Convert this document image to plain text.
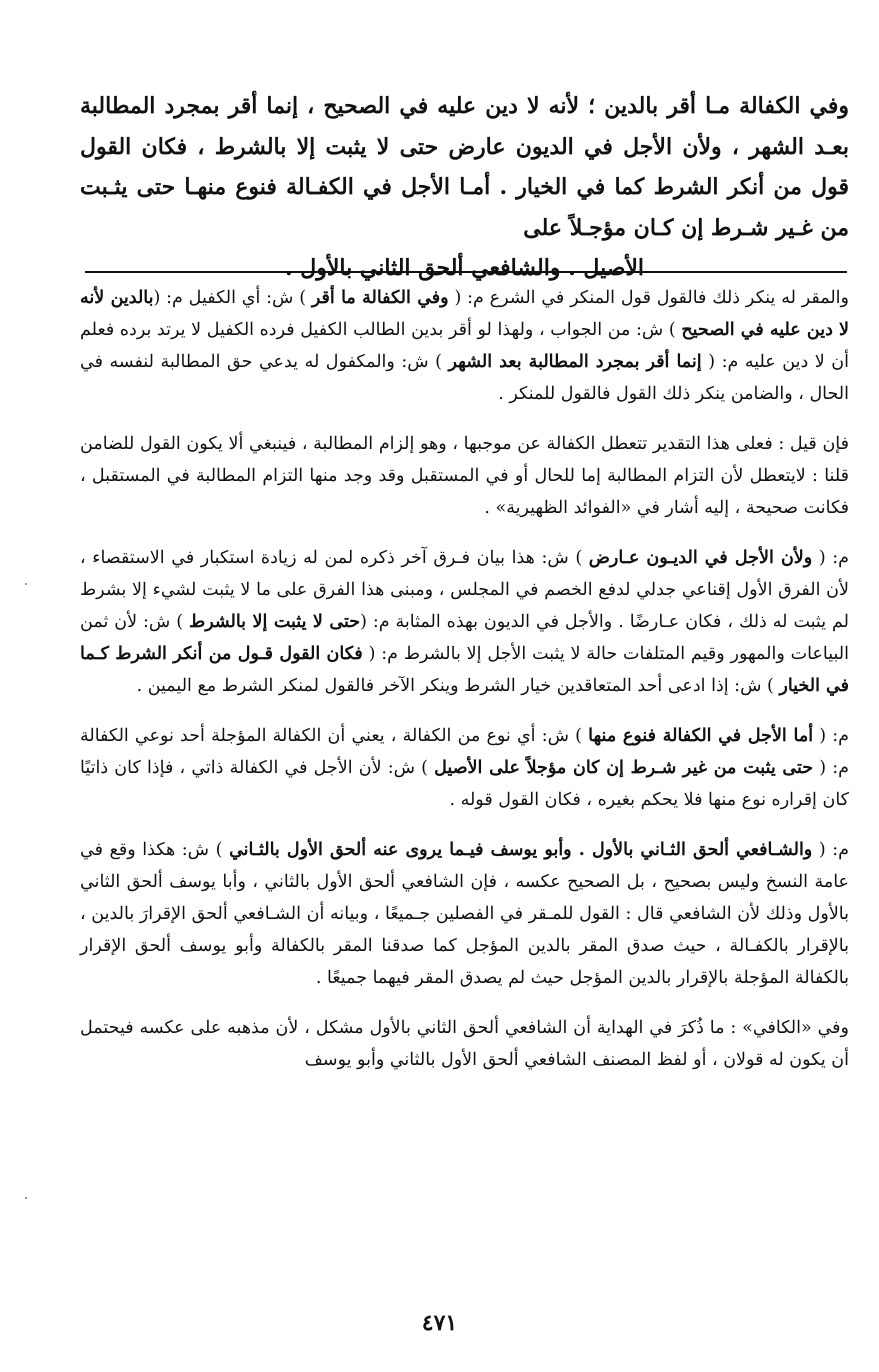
وفي الكفالة مـا أقر بالدين ؛ لأنه لا دين عليه في الصحيح ، إنما أقر بمجرد المطالبة بعـد الشهر ، ولأن الأجل في الديون عارض حتى لا يثبت إلا بالشرط ، فكان القول قول من أنكر الشرط كما في الخيار . أمـا الأجل في الكفـالة فنوع منهـا حتى يثـبت من غـير شـرط إن كـان مؤجـلاً على
الأصيل . والشافعي ألحق الثاني بالأول .

والمقر له ينكر ذلك فالقول قول المنكر في الشرع م: ( وفي الكفالة ما أقر ) ش: أي الكفيل م: (بالدين لأنه لا دين عليه في الصحيح ) ش: من الجواب ، ولهذا لو أقر بدين الطالب الكفيل فرده الكفيل لا يرتد برده فعلم أن لا دين عليه م: ( إنما أقر بمجرد المطالبة بعد الشهر ) ش: والمكفول له يدعي حق المطالبة لنفسه في الحال ، والضامن ينكر ذلك القول فالقول للمنكر .

فإن قيل : فعلى هذا التقدير تتعطل الكفالة عن موجبها ، وهو إلزام المطالبة ، فينبغي ألا يكون القول للضامن قلنا : لايتعطل لأن التزام المطالبة إما للحال أو في المستقبل وقد وجد منها التزام المطالبة في المستقبل ، فكانت صحيحة ، إليه أشار في «الفوائد الظهيرية» .

م: ( ولأن الأجل في الديـون عـارض ) ش: هذا بيان فـرق آخر ذكره لمن له زيادة استكبار في الاستقصاء ، لأن الفرق الأول إقناعي جدلي لدفع الخصم في المجلس ، ومبنى هذا الفرق على ما لا يثبت لشيء إلا بشرط لم يثبت له ذلك ، فكان عـارضًا . والأجل في الديون بهذه المثابة م: (حتى لا يثبت إلا بالشرط ) ش: لأن ثمن البياعات والمهور وقيم المتلفات حالة لا يثبت الأجل إلا بالشرط م: ( فكان القول قـول من أنكر الشرط كـما في الخيار ) ش: إذا ادعى أحد المتعاقدين خيار الشرط وينكر الآخر فالقول لمنكر الشرط مع اليمين .

م: ( أما الأجل في الكفالة فنوع منها ) ش: أي نوع من الكفالة ، يعني أن الكفالة المؤجلة أحد نوعي الكفالة م: ( حتى يثبت من غير شـرط إن كان مؤجلاً على الأصيل ) ش: لأن الأجل في الكفالة ذاتي ، فإذا كان ذاتيًا كان إقراره نوع منها فلا يحكم بغيره ، فكان القول قوله .

م: ( والشـافعي ألحق الثـاني بالأول . وأبو يوسف فيـما يروى عنه ألحق الأول بالثـاني ) ش: هكذا وقع في عامة النسخ وليس بصحيح ، بل الصحيح عكسه ، فإن الشافعي ألحق الأول بالثاني ، وأبا يوسف ألحق الثاني بالأول وذلك لأن الشافعي قال : القول للمـقر في الفصلين جـميعًا ، وبيانه أن الشـافعي ألحق الإقرارَ بالدين ، بالإقرار بالكفـالة ، حيث صدق المقر بالدين المؤجل كما صدقنا المقر بالكفالة وأبو يوسف ألحق الإقرار بالكفالة المؤجلة بالإقرار بالدين المؤجل حيث لم يصدق المقر فيهما جميعًا .

وفي «الكافي» : ما ذُكرَ في الهداية أن الشافعي ألحق الثاني بالأول مشكل ، لأن مذهبه على عكسه فيحتمل أن يكون له قولان ، أو لفظ المصنف الشافعي ألحق الأول بالثاني وأبو يوسف

٤٧١
